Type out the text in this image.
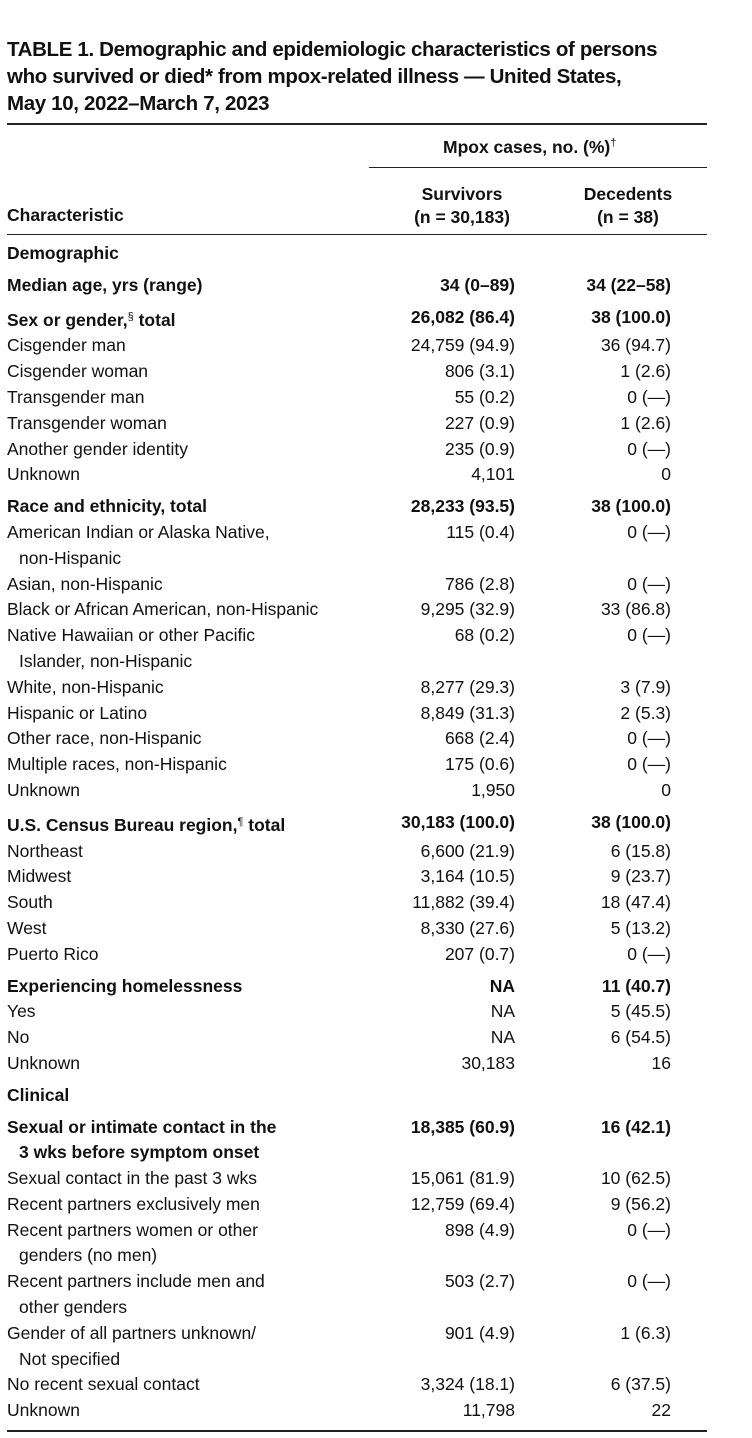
TABLE 1. Demographic and epidemiologic characteristics of persons
who survived or died* from mpox-related illness — United States,
May 10, 2022–March 7, 2023
Mpox cases, no. (%)†
Characteristic
Survivors
(n = 30,183)
Decedents
(n = 38)
Demographic
Median age, yrs (range)	34 (0–89)	34 (22–58)
Sex or gender,§ total	26,082 (86.4)	38 (100.0)
Cisgender man	24,759 (94.9)	36 (94.7)
Cisgender woman	806 (3.1)	1 (2.6)
Transgender man	55 (0.2)	0 (—)
Transgender woman	227 (0.9)	1 (2.6)
Another gender identity	235 (0.9)	0 (—)
Unknown	4,101	0
Race and ethnicity, total	28,233 (93.5)	38 (100.0)
American Indian or Alaska Native,
non-Hispanic
115 (0.4)	0 (—)
Asian, non-Hispanic	786 (2.8)	0 (—)
Black or African American, non-Hispanic	9,295 (32.9)	33 (86.8)
Native Hawaiian or other Pacific
Islander, non-Hispanic
68 (0.2)	0 (—)
White, non-Hispanic	8,277 (29.3)	3 (7.9)
Hispanic or Latino	8,849 (31.3)	2 (5.3)
Other race, non-Hispanic	668 (2.4)	0 (—)
Multiple races, non-Hispanic	175 (0.6)	0 (—)
Unknown	1,950	0
U.S. Census Bureau region,¶ total	30,183 (100.0)	38 (100.0)
Northeast	6,600 (21.9)	6 (15.8)
Midwest	3,164 (10.5)	9 (23.7)
South	11,882 (39.4)	18 (47.4)
West	8,330 (27.6)	5 (13.2)
Puerto Rico	207 (0.7)	0 (—)
Experiencing homelessness	NA	11 (40.7)
Yes	NA	5 (45.5)
No	NA	6 (54.5)
Unknown	30,183	16
Clinical
Sexual or intimate contact in the
3 wks before symptom onset
18,385 (60.9)	16 (42.1)
Sexual contact in the past 3 wks	15,061 (81.9)	10 (62.5)
Recent partners exclusively men	12,759 (69.4)	9 (56.2)
Recent partners women or other
genders (no men)
898 (4.9)	0 (—)
Recent partners include men and
other genders
503 (2.7)	0 (—)
Gender of all partners unknown/
Not specified
901 (4.9)	1 (6.3)
No recent sexual contact	3,324 (18.1)	6 (37.5)
Unknown	11,798	22
